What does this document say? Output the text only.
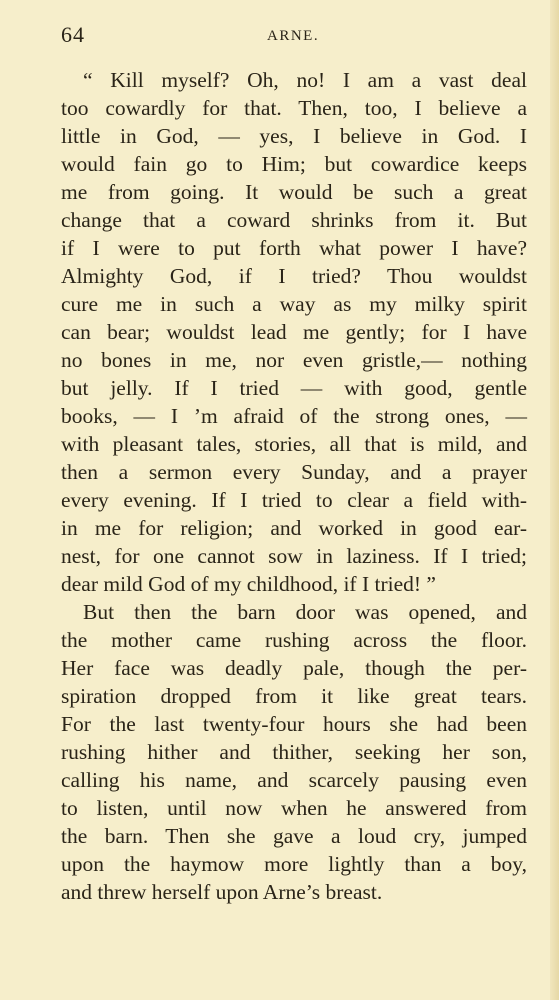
64	ARNE.
“ Kill myself? Oh, no! I am a vast deal
too cowardly for that. Then, too, I believe a
little in God, — yes, I believe in God. I
would fain go to Him; but cowardice keeps
me from going. It would be such a great
change that a coward shrinks from it. But
if I were to put forth what power I have?
Almighty God, if I tried? Thou wouldst
cure me in such a way as my milky spirit
can bear; wouldst lead me gently; for I have
no bones in me, nor even gristle,— nothing
but jelly. If I tried — with good, gentle
books, — I ’m afraid of the strong ones, —
with pleasant tales, stories, all that is mild, and
then a sermon every Sunday, and a prayer
every evening. If I tried to clear a field with-
in me for religion; and worked in good ear-
nest, for one cannot sow in laziness. If I tried;
dear mild God of my childhood, if I tried! ”
But then the barn door was opened, and
the mother came rushing across the floor.
Her face was deadly pale, though the per-
spiration dropped from it like great tears.
For the last twenty-four hours she had been
rushing hither and thither, seeking her son,
calling his name, and scarcely pausing even
to listen, until now when he answered from
the barn. Then she gave a loud cry, jumped
upon the haymow more lightly than a boy,
and threw herself upon Arne’s breast.
